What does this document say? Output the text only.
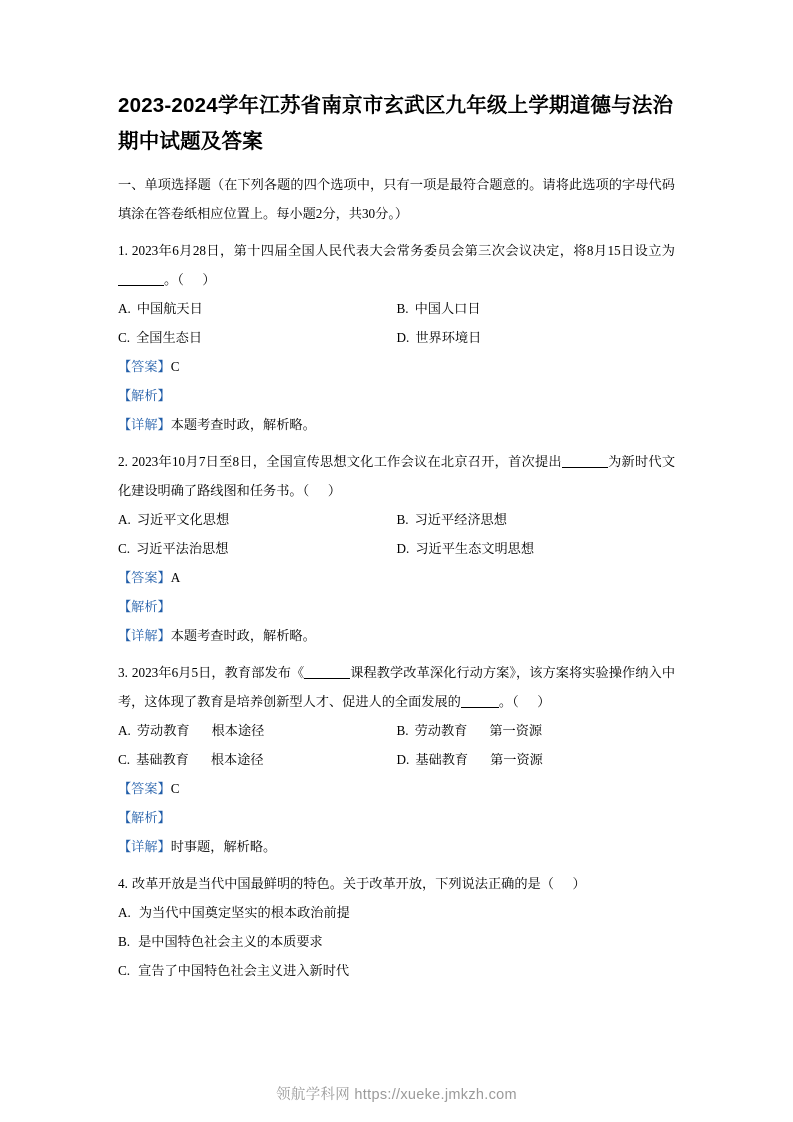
2023-2024学年江苏省南京市玄武区九年级上学期道德与法治期中试题及答案
一、单项选择题（在下列各题的四个选项中，只有一项是最符合题意的。请将此选项的字母代码填涂在答卷纸相应位置上。每小题2分，共30分。）
1. 2023年6月28日，第十四届全国人民代表大会常务委员会第三次会议决定，将8月15日设立为。（ ）
A. 中国航天日	B. 中国人口日
C. 全国生态日	D. 世界环境日
【答案】C
【解析】
【详解】本题考查时政，解析略。
2. 2023年10月7日至8日，全国宣传思想文化工作会议在北京召开，首次提出	为新时代文化建设明确了路线图和任务书。（ ）
A. 习近平文化思想	B. 习近平经济思想
C. 习近平法治思想	D. 习近平生态文明思想
【答案】A
【解析】
【详解】本题考查时政，解析略。
3. 2023年6月5日，教育部发布《	课程教学改革深化行动方案》，该方案将实验操作纳入中考，这体现了教育是培养创新型人才、促进人的全面发展的	。（ ）
A. 劳动教育 根本途径	B. 劳动教育 第一资源
C. 基础教育 根本途径	D. 基础教育 第一资源
【答案】C
【解析】
【详解】时事题，解析略。
4. 改革开放是当代中国最鲜明的特色。关于改革开放，下列说法正确的是（ ）
A. 为当代中国奠定坚实的根本政治前提
B. 是中国特色社会主义的本质要求
C. 宣告了中国特色社会主义进入新时代
领航学科网 https://xueke.jmkzh.com
